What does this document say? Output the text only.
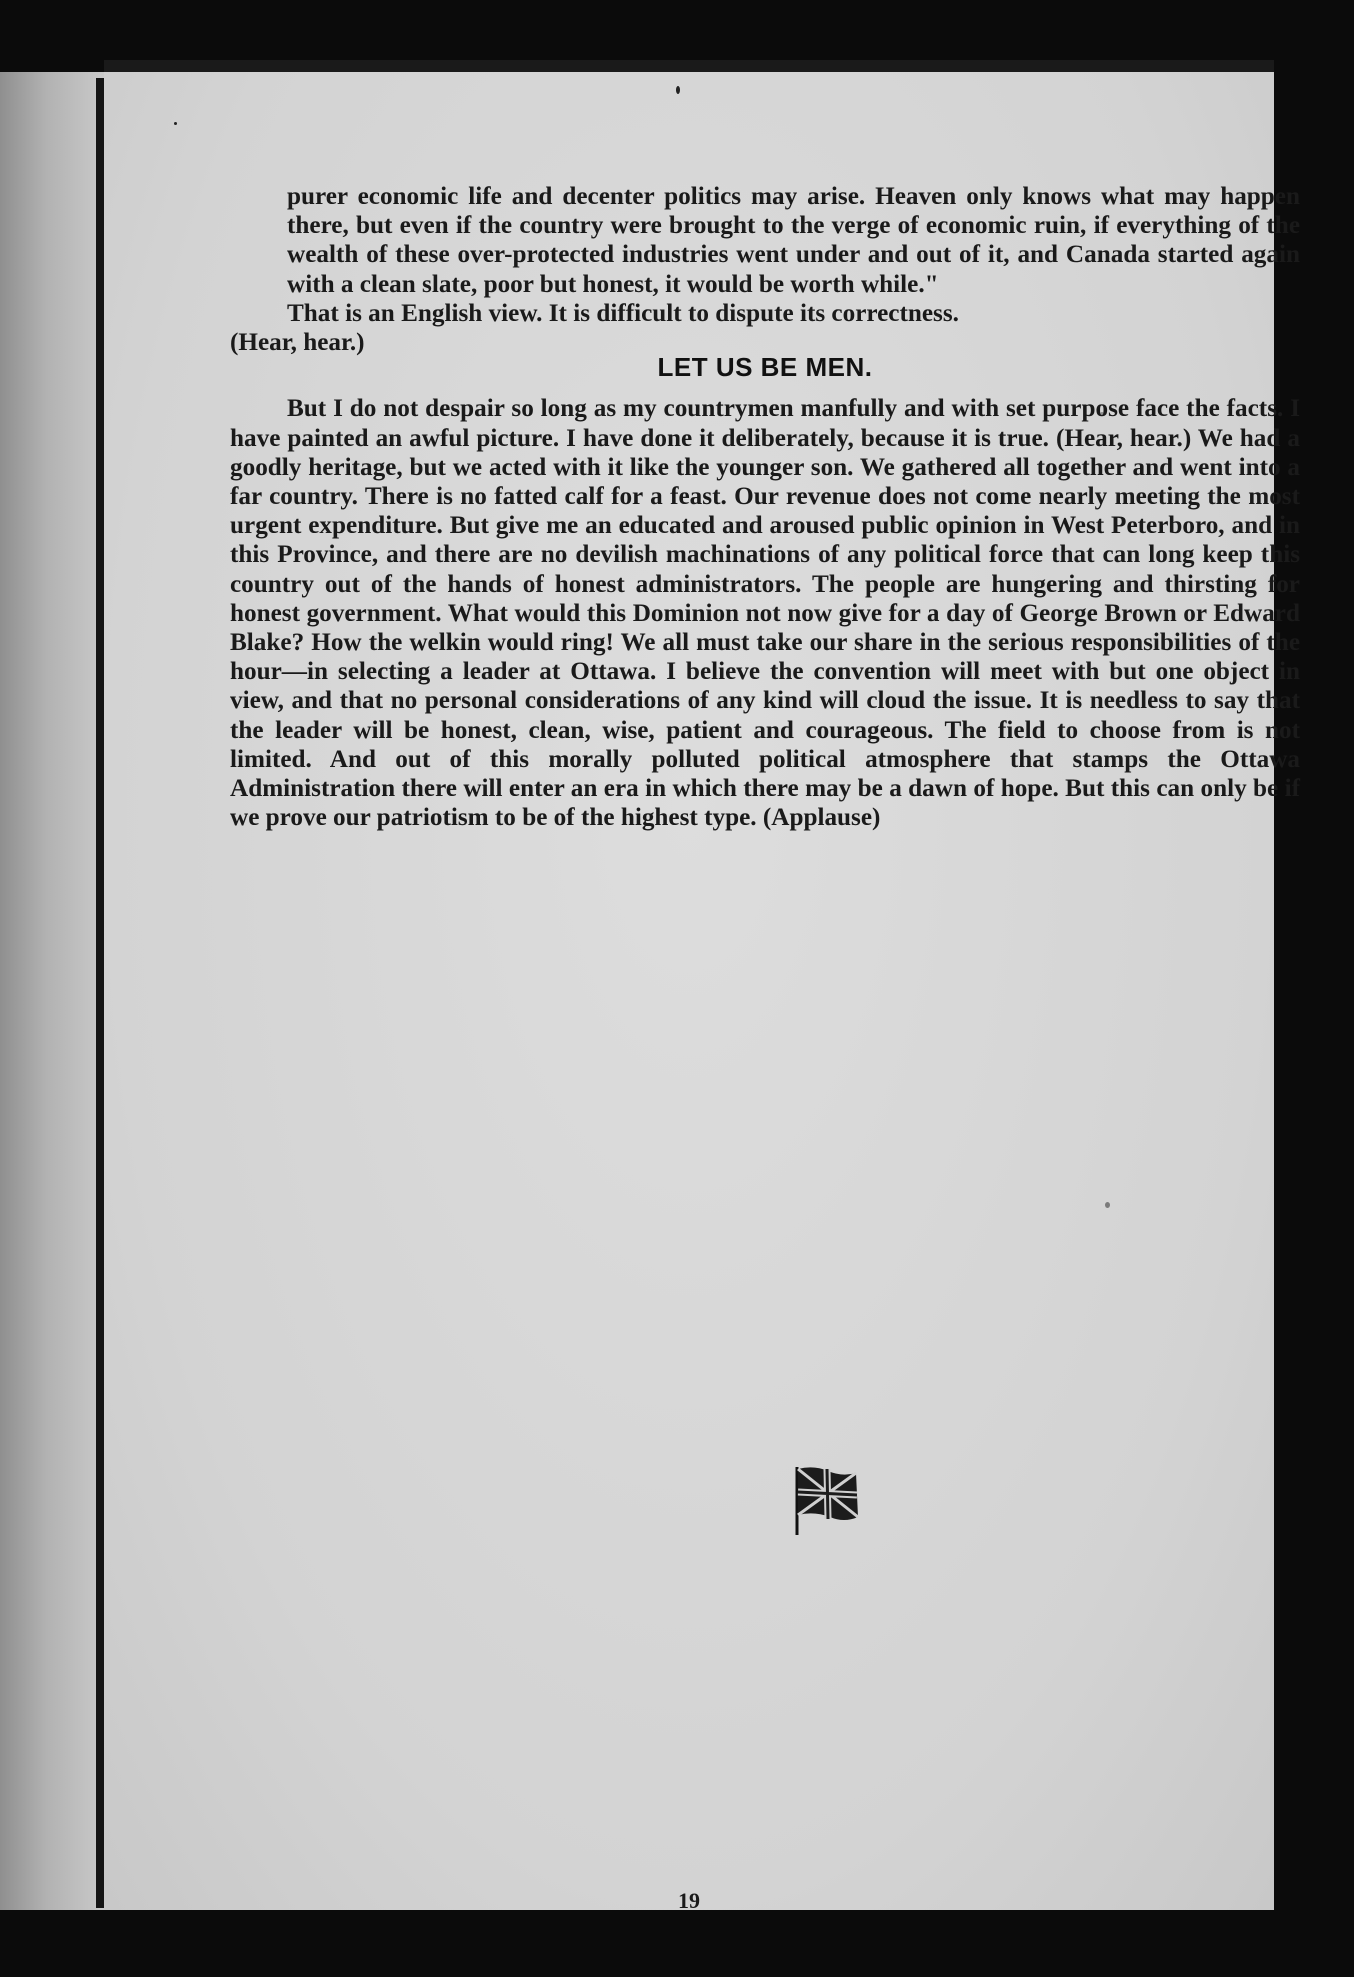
purer economic life and decenter politics may arise. Heaven only knows what may happen there, but even if the country were brought to the verge of economic ruin, if everything of the wealth of these over-protected industries went under and out of it, and Canada started again with a clean slate, poor but honest, it would be worth while."

That is an English view. It is difficult to dispute its correctness.

(Hear, hear.)

LET US BE MEN.

But I do not despair so long as my countrymen manfully and with set purpose face the facts. I have painted an awful picture. I have done it deliberately, because it is true. (Hear, hear.) We had a goodly heritage, but we acted with it like the younger son. We gathered all together and went into a far country. There is no fatted calf for a feast. Our revenue does not come nearly meeting the most urgent expenditure. But give me an educated and aroused public opinion in West Peterboro, and in this Province, and there are no devilish machinations of any political force that can long keep this country out of the hands of honest administrators. The people are hungering and thirsting for honest government. What would this Dominion not now give for a day of George Brown or Edward Blake? How the welkin would ring! We all must take our share in the serious responsibilities of the hour—in selecting a leader at Ottawa. I believe the convention will meet with but one object in view, and that no personal considerations of any kind will cloud the issue. It is needless to say that the leader will be honest, clean, wise, patient and courageous. The field to choose from is not limited. And out of this morally polluted political atmosphere that stamps the Ottawa Administration there will enter an era in which there may be a dawn of hope. But this can only be if we prove our patriotism to be of the highest type. (Applause)

19
